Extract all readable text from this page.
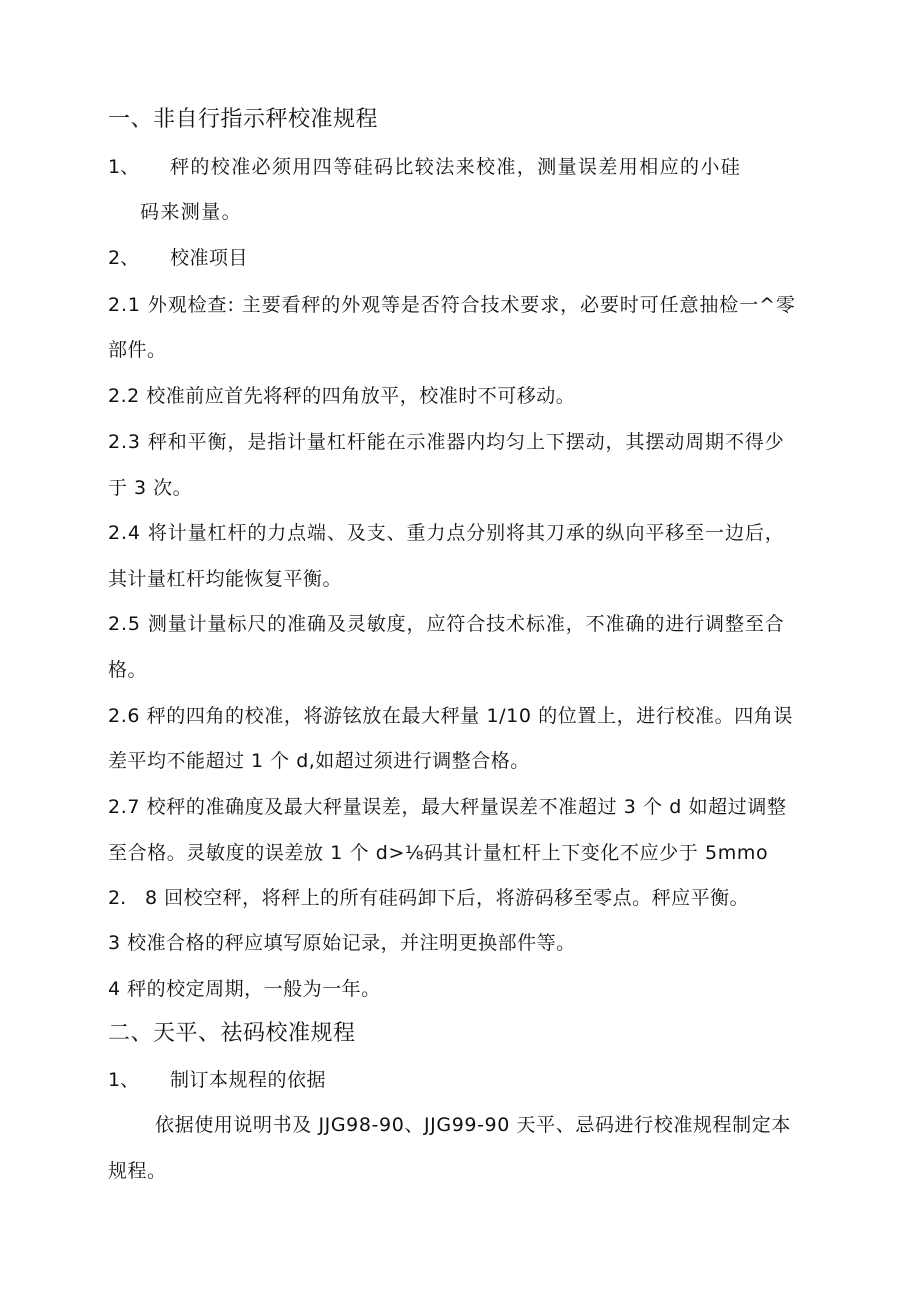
一、非自行指示秤校准规程
1、 秤的校准必须用四等硅码比较法来校准，测量误差用相应的小硅
码来测量。
2、 校准项目
2.1 外观检查: 主要看秤的外观等是否符合技术要求，必要时可任意抽检一^零
部件。
2.2 校准前应首先将秤的四角放平，校准时不可移动。
2.3 秤和平衡，是指计量杠杆能在示准器内均匀上下摆动，其摆动周期不得少
于 3 次。
2.4 将计量杠杆的力点端、及支、重力点分别将其刀承的纵向平移至一边后，
其计量杠杆均能恢复平衡。
2.5 测量计量标尺的准确及灵敏度，应符合技术标准，不准确的进行调整至合
格。
2.6 秤的四角的校准，将游铉放在最大秤量 1/10 的位置上，进行校准。四角误
差平均不能超过 1 个 d,如超过须进行调整合格。
2.7 校秤的准确度及最大秤量误差，最大秤量误差不准超过 3 个 d 如超过调整
至合格。灵敏度的误差放 1 个 d>⅛码其计量杠杆上下变化不应少于 5mmo
2. 8 回校空秤，将秤上的所有硅码卸下后，将游码移至零点。秤应平衡。
3 校准合格的秤应填写原始记录，并注明更换部件等。
4 秤的校定周期，一般为一年。
二、天平、祛码校准规程
1、 制订本规程的依据
依据使用说明书及 JJG98-90、JJG99-90 天平、忌码进行校准规程制定本
规程。
